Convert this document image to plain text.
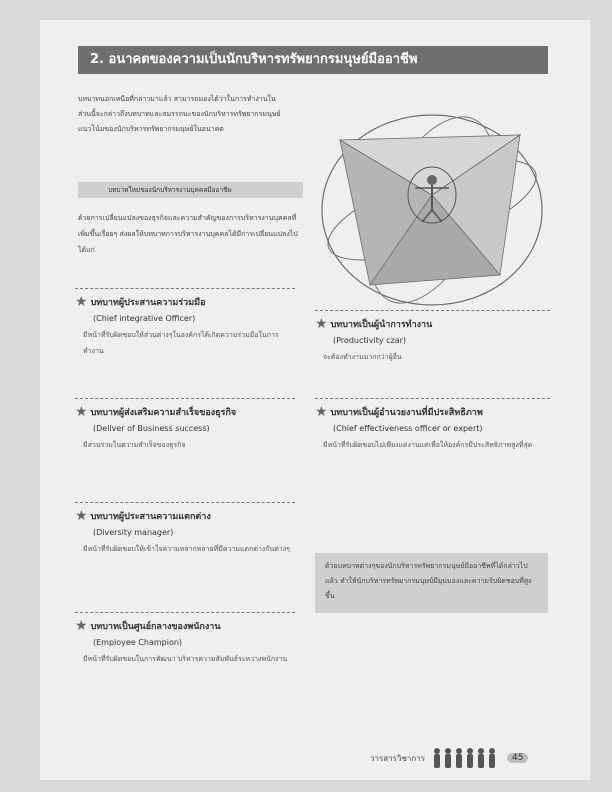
2. อนาคตของความเป็นนักบริหารทรัพยากรมนุษย์มืออาชีพ
บทบาทนอกเหนือที่กล่าวมาแล้ว สามารถมองได้ว่าในการทำงานในส่วนนี้จะกล่าวถึงบทบาทและสมรรถนะของนักบริหารทรัพยากรมนุษย์ แนวโน้มของนักบริหารทรัพยากรมนุษย์ในอนาคต
บทบาทใหม่ของนักบริหารงานบุคคลมืออาชีพ
ด้วยการเปลี่ยนแปลงของธุรกิจและความสำคัญของการบริหารงานบุคคลที่เพิ่มขึ้นเรื่อยๆ ส่งผลให้บทบาทการบริหารงานบุคคลได้มีการเปลี่ยนแปลงไป ได้แก่
★ บทบาทผู้ประสานความร่วมมือ
(Chief integrative Officer)
มีหน้าที่รับผิดชอบให้ส่วนต่างๆในองค์กรได้เกิดความร่วมมือในการทำงาน
★ บทบาทผู้ส่งเสริมความสำเร็จของธุรกิจ
(Deliver of Business success)
มีส่วนร่วมในความสำเร็จของธุรกิจ
★ บทบาทผู้ประสานความแตกต่าง
(Diversity manager)
มีหน้าที่รับผิดชอบให้เข้าใจความหลากหลายที่มีความแตกต่างกันต่างๆ
★ บทบาทเป็นศูนย์กลางของพนักงาน
(Employee Champion)
มีหน้าที่รับผิดชอบในการพัฒนา บริหารความสัมพันธ์ระหว่างพนักงาน
★ บทบาทเป็นผู้นำการทำงาน
(Productivity czar)
จะต้องทำงานมากกว่าผู้อื่น
★ บทบาทเป็นผู้อำนวยงานที่มีประสิทธิภาพ
(Chief effectiveness officer or expert)
มีหน้าที่รับผิดชอบไม่เพียงแต่งานแต่เพื่อให้องค์กรมีประสิทธิภาพสูงที่สุด
ด้วยบทบาทต่างๆของนักบริหารทรัพยากรมนุษย์มืออาชีพที่ได้กล่าวไปแล้ว ทำให้นักบริหารทรัพยากรมนุษย์มีมุมมองและความรับผิดชอบที่สูงขึ้น
วารสารวิชาการ	45
